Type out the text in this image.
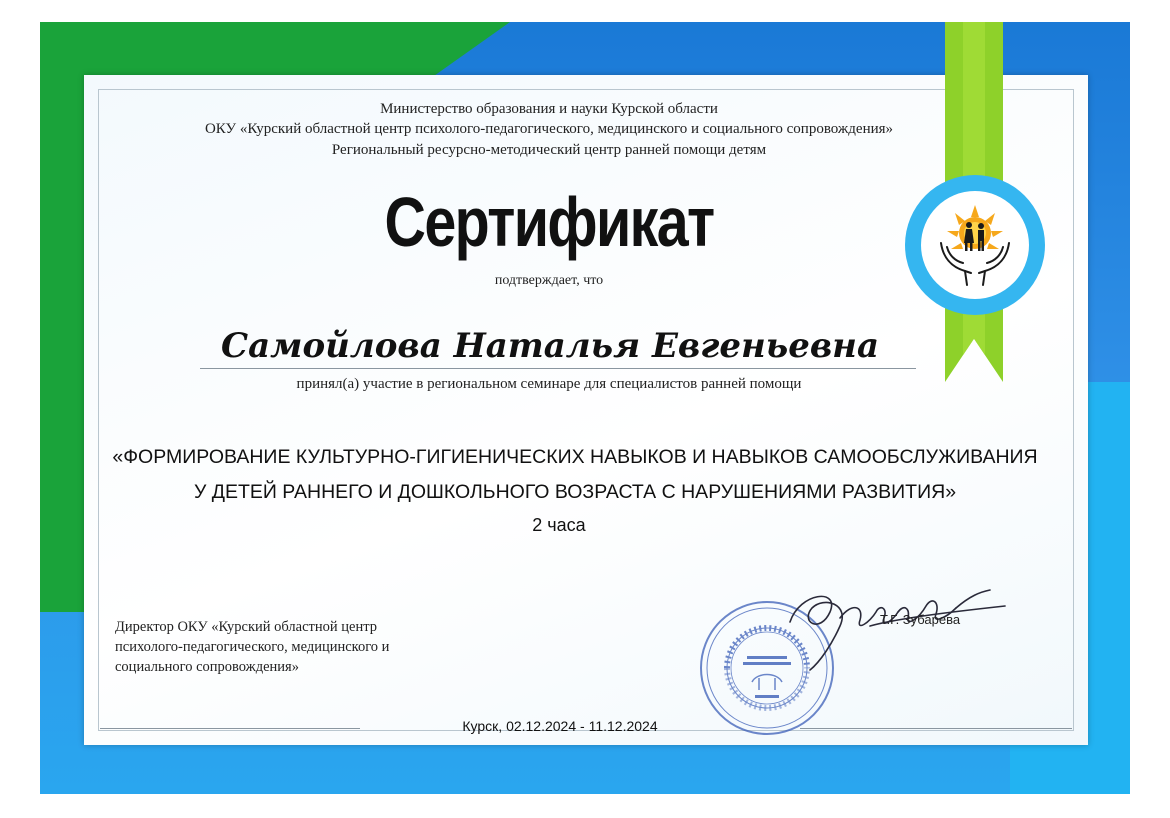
Министерство образования и науки Курской области
ОКУ «Курский областной центр психолого-педагогического, медицинского и социального сопровождения»
Региональный ресурсно-методический центр ранней помощи детям
Сертификат
подтверждает, что
Самойлова Наталья Евгеньевна
принял(а) участие в региональном семинаре для специалистов ранней помощи
«ФОРМИРОВАНИЕ КУЛЬТУРНО-ГИГИЕНИЧЕСКИХ НАВЫКОВ И НАВЫКОВ САМООБСЛУЖИВАНИЯ
У ДЕТЕЙ РАННЕГО И ДОШКОЛЬНОГО ВОЗРАСТА С НАРУШЕНИЯМИ РАЗВИТИЯ»
2 часа
Директор ОКУ «Курский областной центр
психолого-педагогического, медицинского и
социального сопровождения»
Т.Г. Зубарева
Курск, 02.12.2024 - 11.12.2024
